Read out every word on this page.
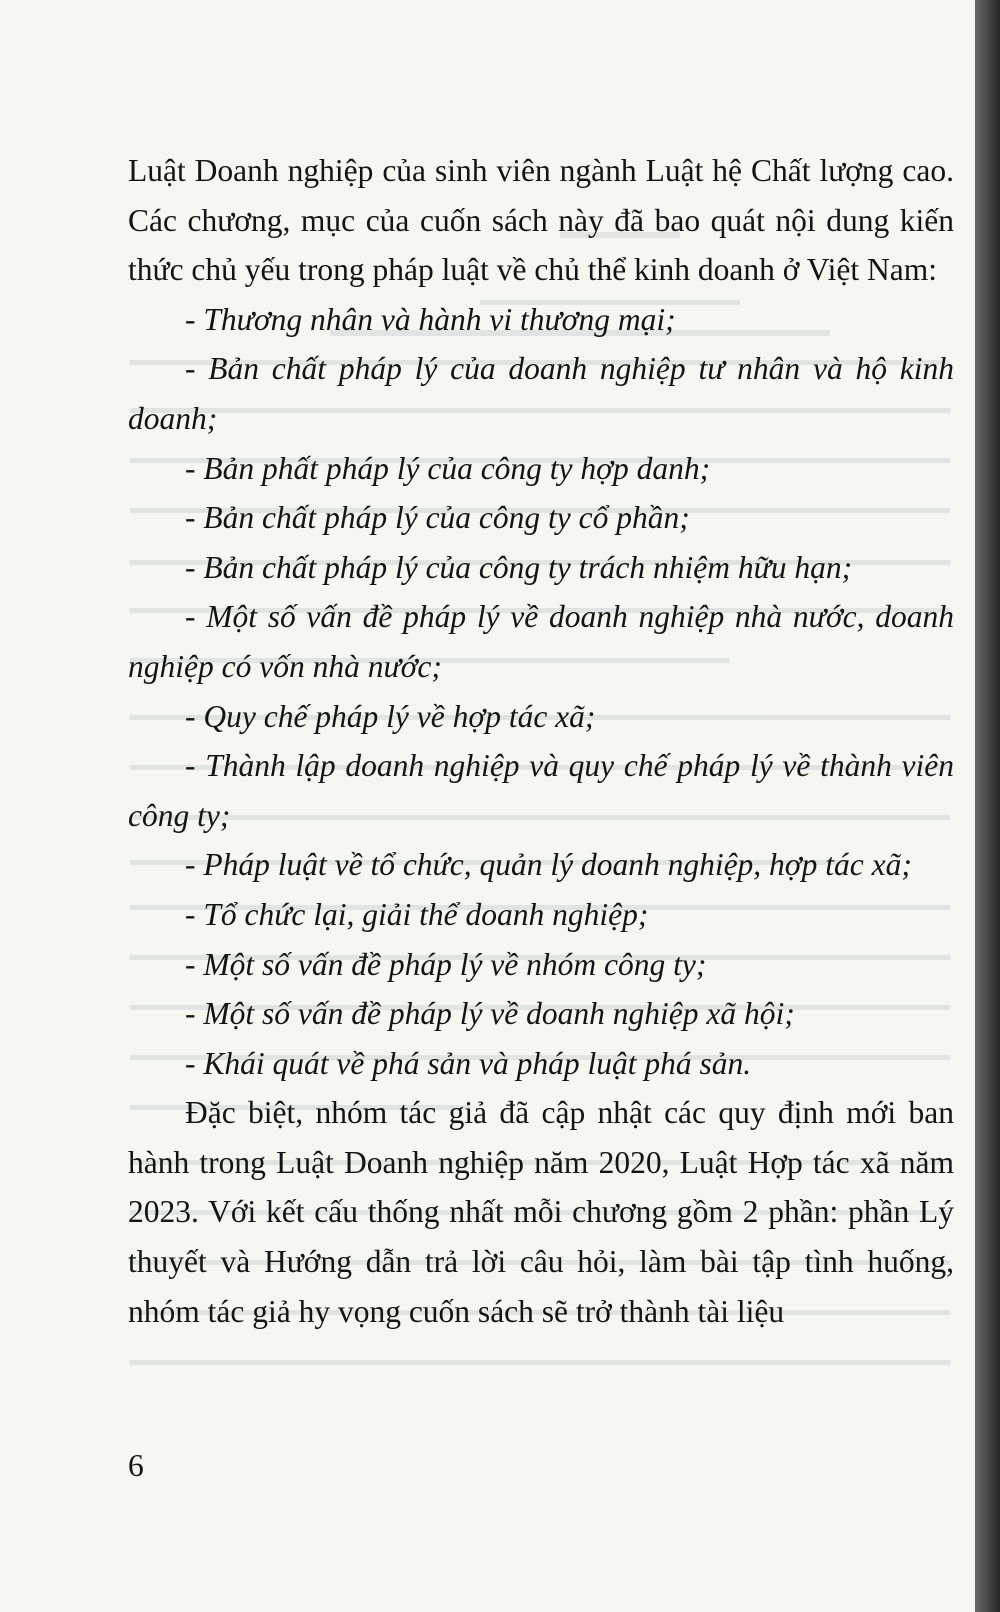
Luật Doanh nghiệp của sinh viên ngành Luật hệ Chất lượng cao. Các chương, mục của cuốn sách này đã bao quát nội dung kiến thức chủ yếu trong pháp luật về chủ thể kinh doanh ở Việt Nam:

- Thương nhân và hành vi thương mại;

- Bản chất pháp lý của doanh nghiệp tư nhân và hộ kinh doanh;

- Bản phất pháp lý của công ty hợp danh;

- Bản chất pháp lý của công ty cổ phần;

- Bản chất pháp lý của công ty trách nhiệm hữu hạn;

- Một số vấn đề pháp lý về doanh nghiệp nhà nước, doanh nghiệp có vốn nhà nước;

- Quy chế pháp lý về hợp tác xã;

- Thành lập doanh nghiệp và quy chế pháp lý về thành viên công ty;

- Pháp luật về tổ chức, quản lý doanh nghiệp, hợp tác xã;

- Tổ chức lại, giải thể doanh nghiệp;

- Một số vấn đề pháp lý về nhóm công ty;

- Một số vấn đề pháp lý về doanh nghiệp xã hội;

- Khái quát về phá sản và pháp luật phá sản.

Đặc biệt, nhóm tác giả đã cập nhật các quy định mới ban hành trong Luật Doanh nghiệp năm 2020, Luật Hợp tác xã năm 2023. Với kết cấu thống nhất mỗi chương gồm 2 phần: phần Lý thuyết và Hướng dẫn trả lời câu hỏi, làm bài tập tình huống, nhóm tác giả hy vọng cuốn sách sẽ trở thành tài liệu

6
